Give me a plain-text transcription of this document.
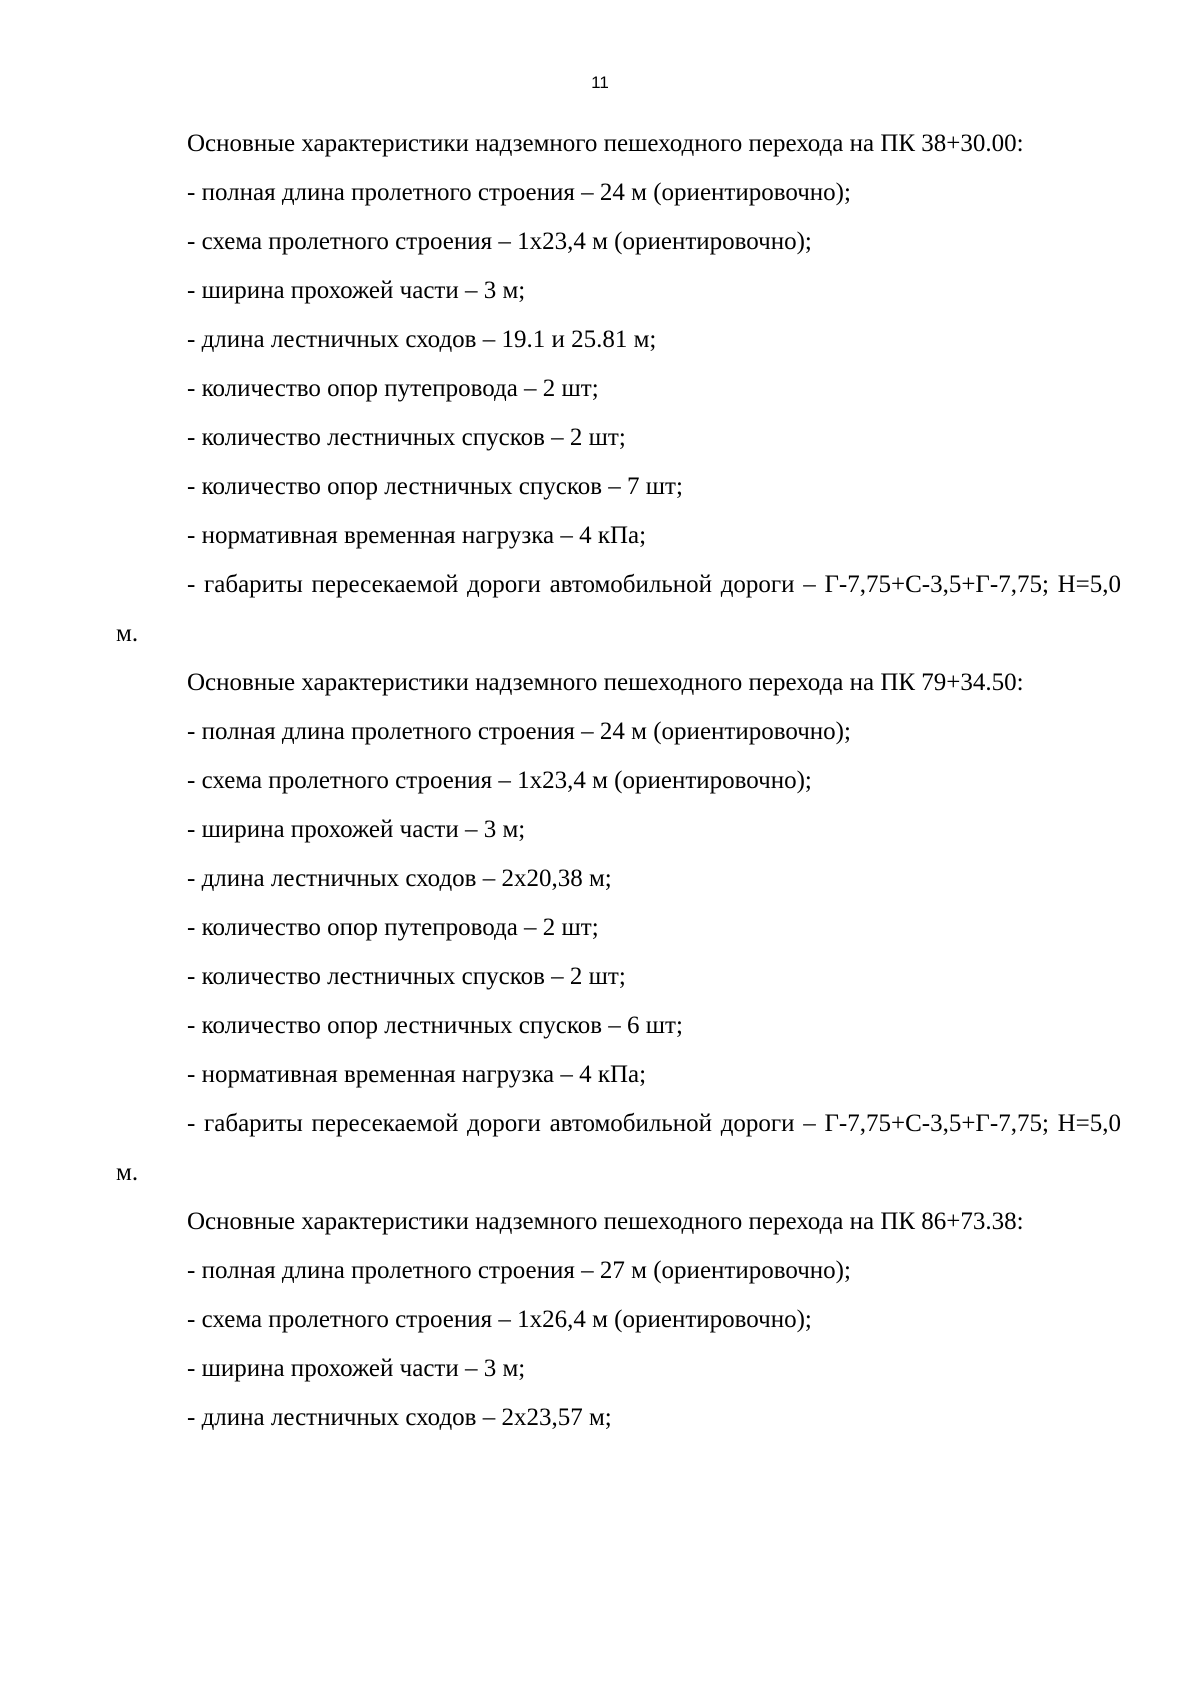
11

Основные характеристики надземного пешеходного перехода на ПК 38+30.00:

- полная длина пролетного строения – 24 м (ориентировочно);

- схема пролетного строения – 1х23,4 м (ориентировочно);

- ширина прохожей части – 3 м;

- длина лестничных сходов – 19.1 и 25.81 м;

- количество опор путепровода – 2 шт;

- количество лестничных спусков – 2 шт;

- количество опор лестничных спусков – 7 шт;

- нормативная временная нагрузка – 4 кПа;

- габариты пересекаемой дороги автомобильной дороги – Г-7,75+С-3,5+Г-7,75; Н=5,0 м.

Основные характеристики надземного пешеходного перехода на ПК 79+34.50:

- полная длина пролетного строения – 24 м (ориентировочно);

- схема пролетного строения – 1х23,4 м (ориентировочно);

- ширина прохожей части – 3 м;

- длина лестничных сходов – 2х20,38 м;

- количество опор путепровода – 2 шт;

- количество лестничных спусков – 2 шт;

- количество опор лестничных спусков – 6 шт;

- нормативная временная нагрузка – 4 кПа;

- габариты пересекаемой дороги автомобильной дороги – Г-7,75+С-3,5+Г-7,75; Н=5,0 м.

Основные характеристики надземного пешеходного перехода на ПК 86+73.38:

- полная длина пролетного строения – 27 м (ориентировочно);

- схема пролетного строения – 1х26,4 м (ориентировочно);

- ширина прохожей части – 3 м;

- длина лестничных сходов – 2х23,57 м;
